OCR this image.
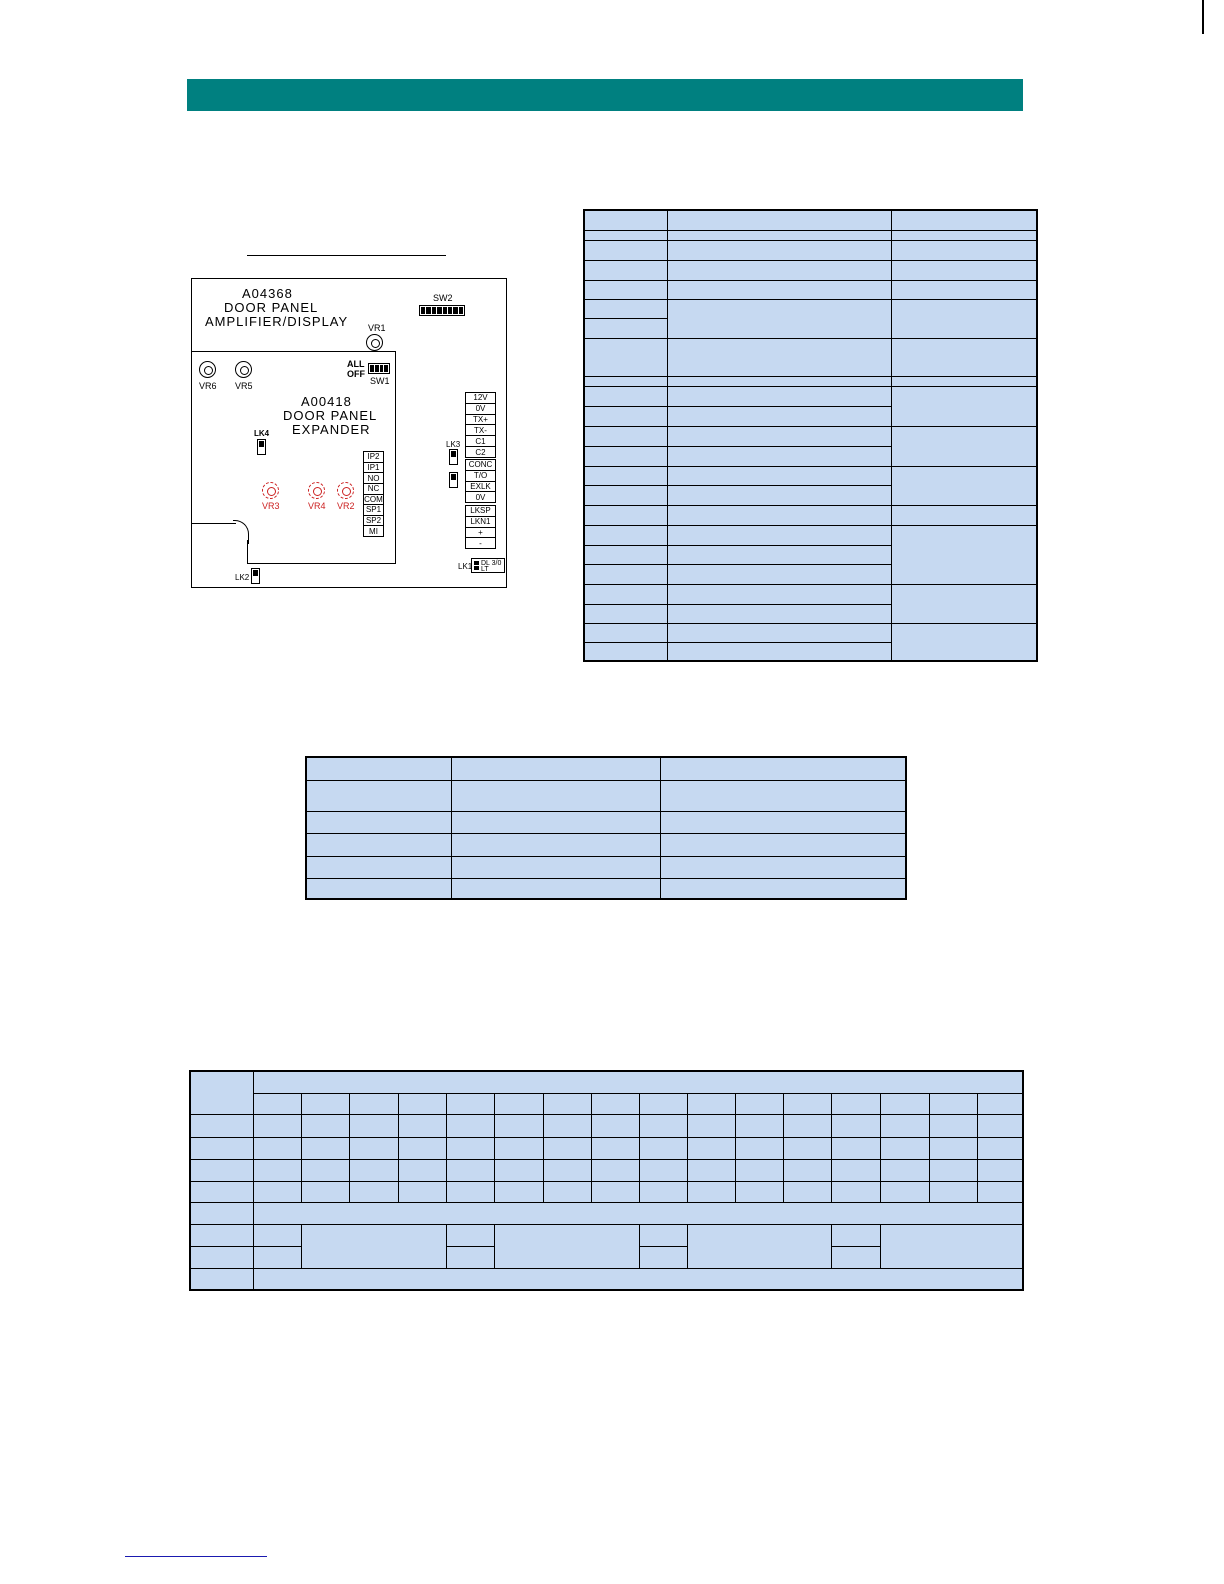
A04368
DOOR PANEL
AMPLIFIER/DISPLAY
SW2
VR1
ALL
OFF
SW1
VR6 VR5
A00418
DOOR PANEL
EXPANDER
LK4
VR3	VR4 VR2
IP2
IP1
NO
NC
COM
SP1
SP2
MI
12V
0V
TX+
TX-
C1
C2
CONC
T/O
EXLK
0V
LKSP
LKN1
+
-
LK3
LK1 DL 3/0
LT
LK2
